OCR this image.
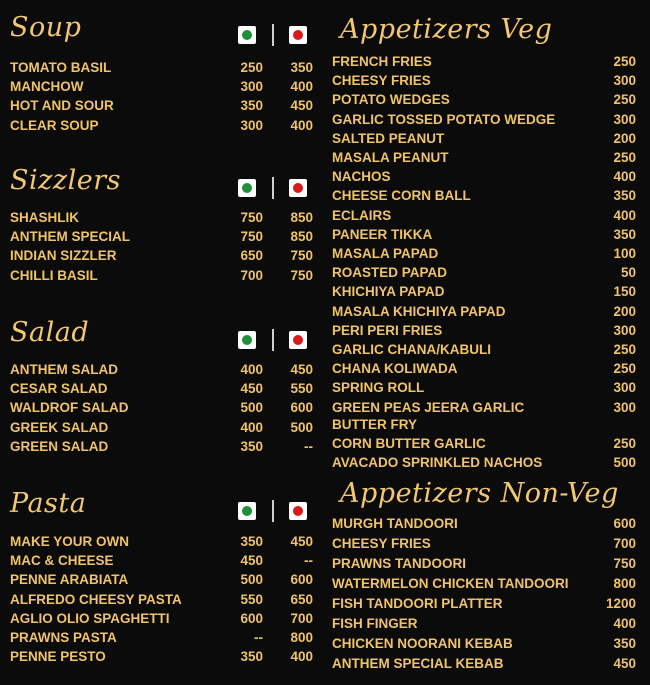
Soup
TOMATO BASIL	250	350
MANCHOW	300	400
HOT AND SOUR	350	450
CLEAR SOUP	300	400
Sizzlers
SHASHLIK	750	850
ANTHEM SPECIAL	750	850
INDIAN SIZZLER	650	750
CHILLI BASIL	700	750
Salad
ANTHEM SALAD	400	450
CESAR SALAD	450	550
WALDROF SALAD	500	600
GREEK SALAD	400	500
GREEN SALAD	350	--
Pasta
MAKE YOUR OWN	350	450
MAC & CHEESE	450	--
PENNE ARABIATA	500	600
ALFREDO CHEESY PASTA	550	650
AGLIO OLIO SPAGHETTI	600	700
PRAWNS PASTA	--	800
PENNE PESTO	350	400
Appetizers Veg
FRENCH FRIES	250
CHEESY FRIES	300
POTATO WEDGES	250
GARLIC TOSSED POTATO WEDGE	300
SALTED PEANUT	200
MASALA PEANUT	250
NACHOS	400
CHEESE CORN BALL	350
ECLAIRS	400
PANEER TIKKA	350
MASALA PAPAD	100
ROASTED PAPAD	50
KHICHIYA PAPAD	150
MASALA KHICHIYA PAPAD	200
PERI PERI FRIES	300
GARLIC CHANA/KABULI	250
CHANA KOLIWADA	250
SPRING ROLL	300
GREEN PEAS JEERA GARLIC	300
BUTTER FRY
CORN BUTTER GARLIC	250
AVACADO SPRINKLED NACHOS	500
Appetizers Non-Veg
MURGH TANDOORI	600
CHEESY FRIES	700
PRAWNS TANDOORI	750
WATERMELON CHICKEN TANDOORI	800
FISH TANDOORI PLATTER	1200
FISH FINGER	400
CHICKEN NOORANI KEBAB	350
ANTHEM SPECIAL KEBAB	450
